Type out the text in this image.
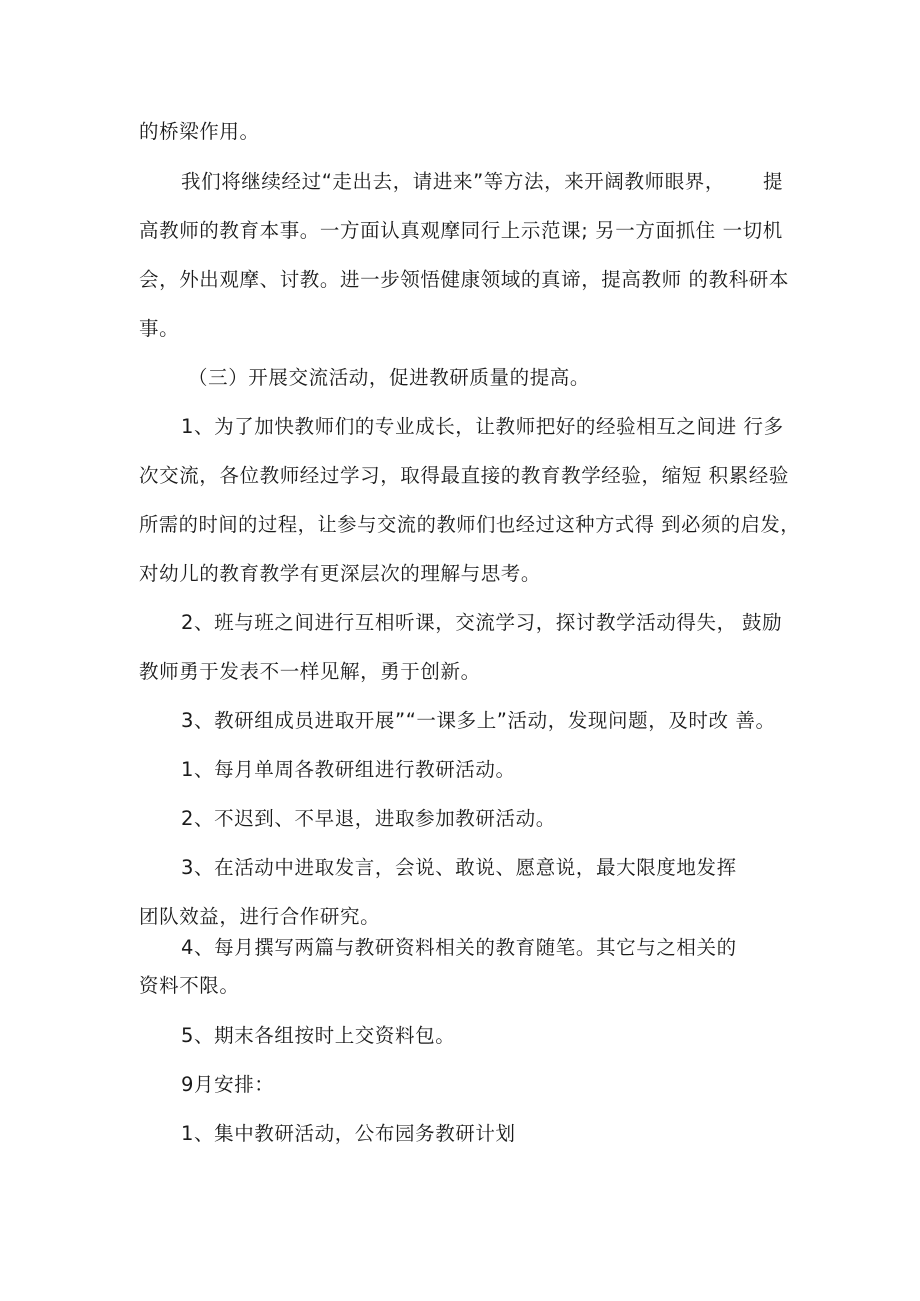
的桥梁作用。

我们将继续经过“走出去，请进来”等方法，来开阔教师眼界， 提

高教师的教育本事。一方面认真观摩同行上示范课; 另一方面抓住 一切机

会，外出观摩、讨教。进一步领悟健康领域的真谛，提高教师 的教科研本

事。

（三）开展交流活动，促进教研质量的提高。

1、为了加快教师们的专业成长，让教师把好的经验相互之间进 行多

次交流，各位教师经过学习，取得最直接的教育教学经验，缩短 积累经验

所需的时间的过程，让参与交流的教师们也经过这种方式得 到必须的启发，

对幼儿的教育教学有更深层次的理解与思考。

2、班与班之间进行互相听课，交流学习，探讨教学活动得失， 鼓励

教师勇于发表不一样见解，勇于创新。

3、教研组成员进取开展”“一课多上”活动，发现问题，及时改 善。

1、每月单周各教研组进行教研活动。

2、不迟到、不早退，进取参加教研活动。

3、在活动中进取发言，会说、敢说、愿意说，最大限度地发挥

团队效益，进行合作研究。

4、每月撰写两篇与教研资料相关的教育随笔。其它与之相关的

资料不限。

5、期末各组按时上交资料包。

9月安排：

1、集中教研活动，公布园务教研计划
